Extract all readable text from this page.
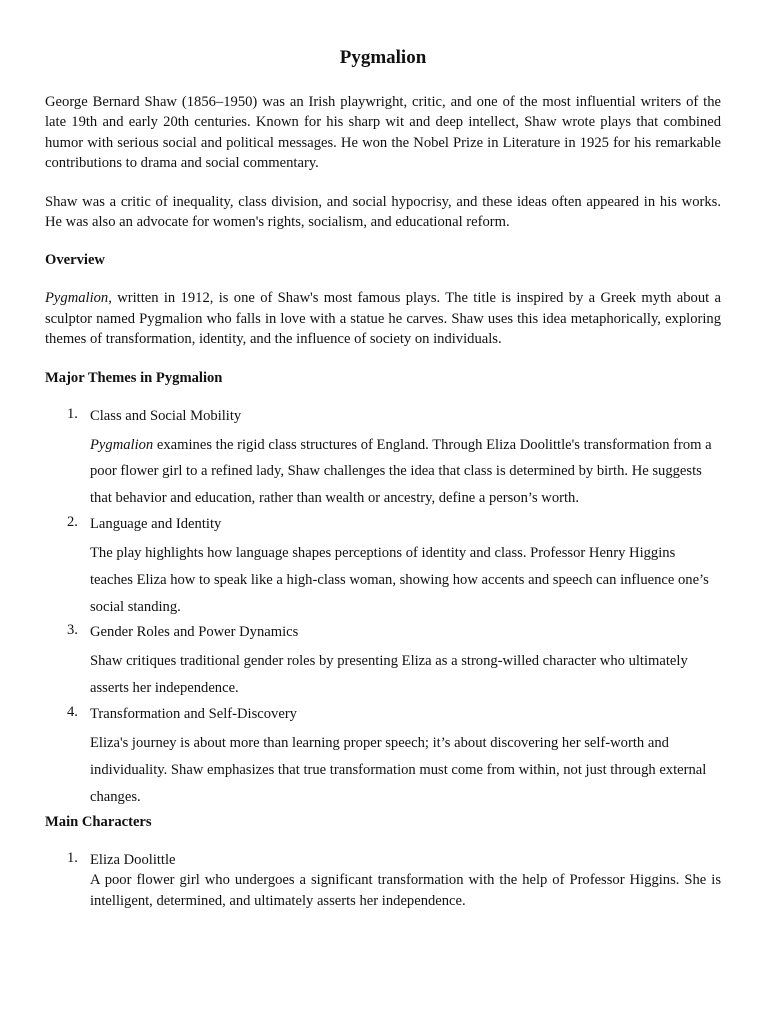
Pygmalion

George Bernard Shaw (1856–1950) was an Irish playwright, critic, and one of the most influential writers of the late 19th and early 20th centuries. Known for his sharp wit and deep intellect, Shaw wrote plays that combined humor with serious social and political messages. He won the Nobel Prize in Literature in 1925 for his remarkable contributions to drama and social commentary.

Shaw was a critic of inequality, class division, and social hypocrisy, and these ideas often appeared in his works. He was also an advocate for women's rights, socialism, and educational reform.

Overview

Pygmalion, written in 1912, is one of Shaw's most famous plays. The title is inspired by a Greek myth about a sculptor named Pygmalion who falls in love with a statue he carves. Shaw uses this idea metaphorically, exploring themes of transformation, identity, and the influence of society on individuals.

Major Themes in Pygmalion
1. Class and Social Mobility
Pygmalion examines the rigid class structures of England. Through Eliza Doolittle's transformation from a poor flower girl to a refined lady, Shaw challenges the idea that class is determined by birth. He suggests that behavior and education, rather than wealth or ancestry, define a person’s worth.
2. Language and Identity
The play highlights how language shapes perceptions of identity and class. Professor Henry Higgins teaches Eliza how to speak like a high-class woman, showing how accents and speech can influence one’s social standing.
3. Gender Roles and Power Dynamics
Shaw critiques traditional gender roles by presenting Eliza as a strong-willed character who ultimately asserts her independence.
4. Transformation and Self-Discovery
Eliza's journey is about more than learning proper speech; it’s about discovering her self-worth and individuality. Shaw emphasizes that true transformation must come from within, not just through external changes.
Main Characters
1. Eliza Doolittle
A poor flower girl who undergoes a significant transformation with the help of Professor Higgins. She is intelligent, determined, and ultimately asserts her independence.
